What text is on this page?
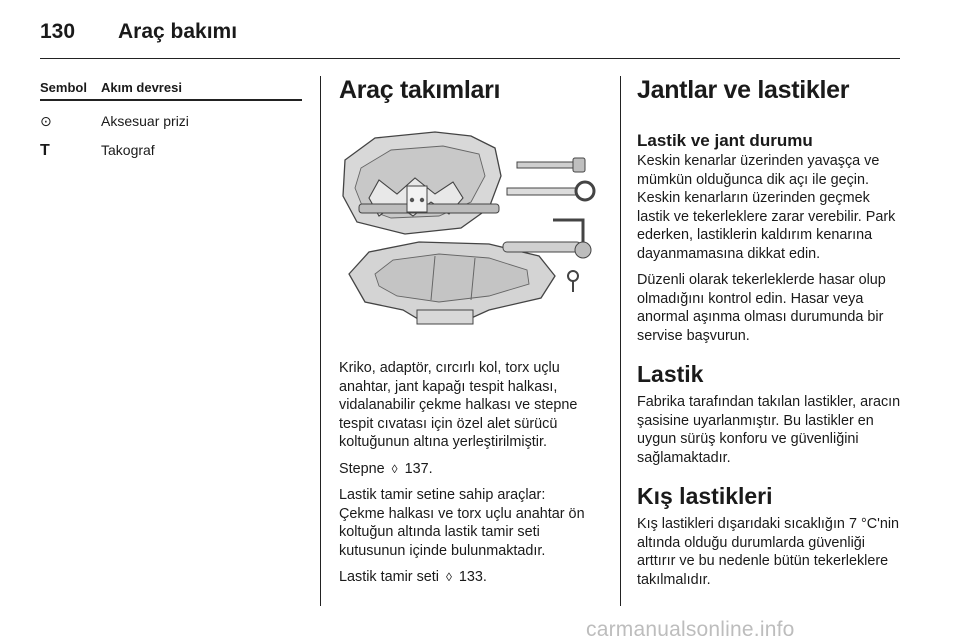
130	Araç bakımı
Sembol	Akım devresi
⊙	Aksesuar prizi
T	Takograf
Araç takımları

Kriko, adaptör, cırcırlı kol, torx uçlu anahtar, jant kapağı tespit halkası, vidalanabilir çekme halkası ve stepne tespit cıvatası için özel alet sürücü koltuğunun altına yerleştirilmiştir.

Stepne ◊ 137.

Lastik tamir setine sahip araçlar:
Çekme halkası ve torx uçlu anahtar ön koltuğun altında lastik tamir seti kutusunun içinde bulunmaktadır.

Lastik tamir seti ◊ 133.

Jantlar ve lastikler
Lastik ve jant durumu

Keskin kenarlar üzerinden yavaşça ve mümkün olduğunca dik açı ile geçin. Keskin kenarların üzerinden geçmek lastik ve tekerleklere zarar verebilir. Park ederken, lastiklerin kaldırım kenarına dayanmamasına dikkat edin.

Düzenli olarak tekerleklerde hasar olup olmadığını kontrol edin. Hasar veya anormal aşınma olması durumunda bir servise başvurun.

Lastik

Fabrika tarafından takılan lastikler, aracın şasisine uyarlanmıştır. Bu lastikler en uygun sürüş konforu ve güvenliğini sağlamaktadır.

Kış lastikleri

Kış lastikleri dışarıdaki sıcaklığın 7 °C'nin altında olduğu durumlarda güvenliği arttırır ve bu nedenle bütün tekerleklere takılmalıdır.

carmanualsonline.info
